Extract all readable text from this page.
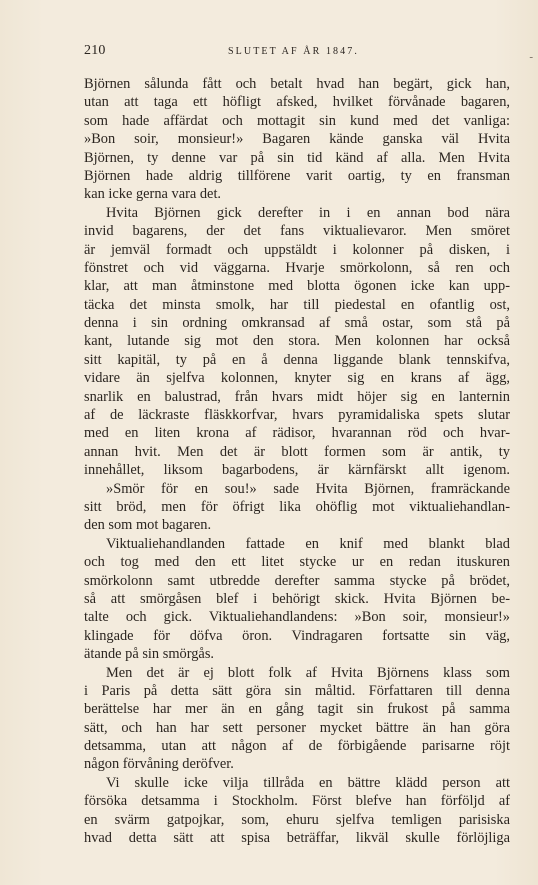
-
210	SLUTET AF ÅR 1847.
Björnen sålunda fått och betalt hvad han begärt, gick han,
utan att taga ett höfligt afsked, hvilket förvånade bagaren,
som hade affärdat och mottagit sin kund med det vanliga:
»Bon soir, monsieur!» Bagaren kände ganska väl Hvita
Björnen, ty denne var på sin tid känd af alla. Men Hvita
Björnen hade aldrig tillförene varit oartig, ty en fransman
kan icke gerna vara det.
Hvita Björnen gick derefter in i en annan bod nära
invid bagarens, der det fans viktualievaror. Men smöret
är jemväl formadt och uppstäldt i kolonner på disken, i
fönstret och vid väggarna. Hvarje smörkolonn, så ren och
klar, att man åtminstone med blotta ögonen icke kan upp-
täcka det minsta smolk, har till piedestal en ofantlig ost,
denna i sin ordning omkransad af små ostar, som stå på
kant, lutande sig mot den stora. Men kolonnen har också
sitt kapitäl, ty på en å denna liggande blank tennskifva,
vidare än sjelfva kolonnen, knyter sig en krans af ägg,
snarlik en balustrad, från hvars midt höjer sig en lanternin
af de läckraste fläskkorfvar, hvars pyramidaliska spets slutar
med en liten krona af rädisor, hvarannan röd och hvar-
annan hvit. Men det är blott formen som är antik, ty
innehållet, liksom bagarbodens, är kärnfärskt allt igenom.
»Smör för en sou!» sade Hvita Björnen, framräckande
sitt bröd, men för öfrigt lika ohöflig mot viktualiehandlan-
den som mot bagaren.
Viktualiehandlanden fattade en knif med blankt blad
och tog med den ett litet stycke ur en redan ituskuren
smörkolonn samt utbredde derefter samma stycke på brödet,
så att smörgåsen blef i behörigt skick. Hvita Björnen be-
talte och gick. Viktualiehandlandens: »Bon soir, monsieur!»
klingade för döfva öron. Vindragaren fortsatte sin väg,
ätande på sin smörgås.
Men det är ej blott folk af Hvita Björnens klass som
i Paris på detta sätt göra sin måltid. Författaren till denna
berättelse har mer än en gång tagit sin frukost på samma
sätt, och han har sett personer mycket bättre än han göra
detsamma, utan att någon af de förbigående parisarne röjt
någon förvåning deröfver.
Vi skulle icke vilja tillråda en bättre klädd person att
försöka detsamma i Stockholm. Först blefve han förföljd af
en svärm gatpojkar, som, ehuru sjelfva temligen parisiska
hvad detta sätt att spisa beträffar, likväl skulle förlöjliga
